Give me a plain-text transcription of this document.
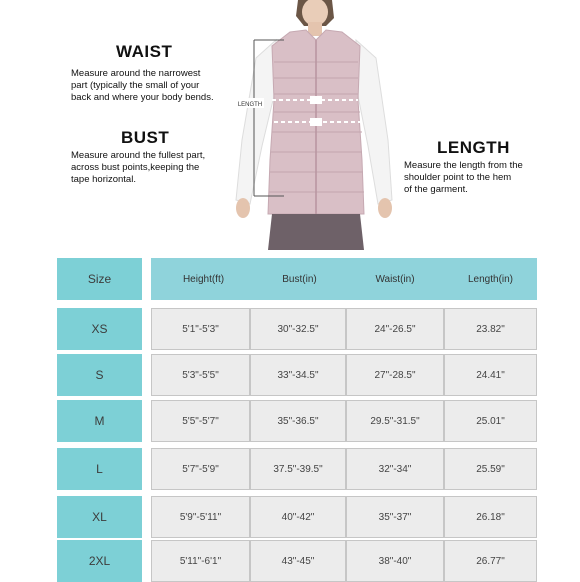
WAIST
Measure around the narrowest
part (typically the small of your
back and where your body bends.
BUST
Measure around the fullest part,
across bust points,keeping the
tape horizontal.
LENGTH
Measure the length from the
shoulder point to the hem
of the garment.
LENGTH
Size	Height(ft)	Bust(in)	Waist(in)	Length(in)
XS	5'1"-5'3"	30"-32.5"	24"-26.5"	23.82"
S	5'3"-5'5"	33"-34.5"	27"-28.5"	24.41"
M	5'5"-5'7"	35"-36.5"	29.5"-31.5"	25.01"
L	5'7"-5'9"	37.5"-39.5"	32"-34"	25.59"
XL	5'9"-5'11"	40"-42"	35"-37"	26.18"
2XL	5'11"-6'1"	43"-45"	38"-40"	26.77"
